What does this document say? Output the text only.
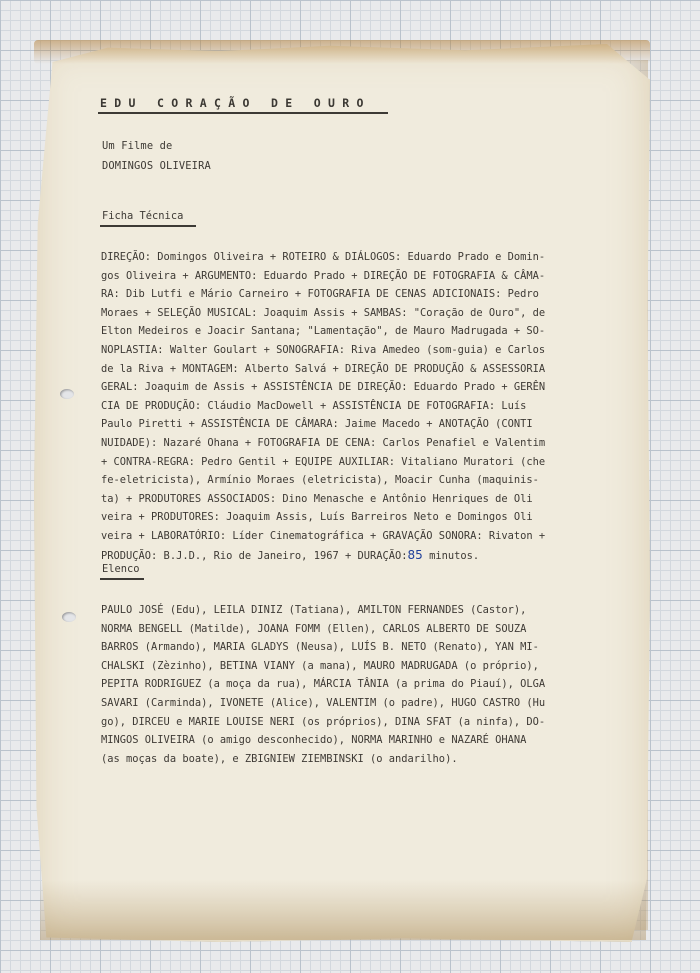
E D U   C O R A Ç Ã O   D E   O U R O
Um Filme de
DOMINGOS OLIVEIRA
Ficha Técnica
DIREÇÃO: Domingos Oliveira + ROTEIRO & DIÁLOGOS: Eduardo Prado e Domin-
gos Oliveira + ARGUMENTO: Eduardo Prado + DIREÇÃO DE FOTOGRAFIA & CÂMA-
RA: Dib Lutfi e Mário Carneiro + FOTOGRAFIA DE CENAS ADICIONAIS: Pedro
Moraes + SELEÇÃO MUSICAL: Joaquim Assis + SAMBAS: "Coração de Ouro", de
Elton Medeiros e Joacir Santana; "Lamentação", de Mauro Madrugada + SO-
NOPLASTIA: Walter Goulart + SONOGRAFIA: Riva Amedeo (som-guia) e Carlos
de la Riva + MONTAGEM: Alberto Salvá + DIREÇÃO DE PRODUÇÃO & ASSESSORIA
GERAL: Joaquim de Assis + ASSISTÊNCIA DE DIREÇÃO: Eduardo Prado + GERÊN
CIA DE PRODUÇÃO: Cláudio MacDowell + ASSISTÊNCIA DE FOTOGRAFIA: Luís
Paulo Piretti + ASSISTÊNCIA DE CÂMARA: Jaime Macedo + ANOTAÇÃO (CONTI
NUIDADE): Nazaré Ohana + FOTOGRAFIA DE CENA: Carlos Penafiel e Valentim
+ CONTRA-REGRA: Pedro Gentil + EQUIPE AUXILIAR: Vitaliano Muratori (che
fe-eletricista), Armínio Moraes (eletricista), Moacir Cunha (maquinis-
ta) + PRODUTORES ASSOCIADOS: Dino Menasche e Antônio Henriques de Oli
veira + PRODUTORES: Joaquim Assis, Luís Barreiros Neto e Domingos Oli
veira + LABORATÓRIO: Líder Cinematográfica + GRAVAÇÃO SONORA: Rivaton +
PRODUÇÃO: B.J.D., Rio de Janeiro, 1967 + DURAÇÃO:85 minutos.
Elenco
PAULO JOSÉ (Edu), LEILA DINIZ (Tatiana), AMILTON FERNANDES (Castor),
NORMA BENGELL (Matilde), JOANA FOMM (Ellen), CARLOS ALBERTO DE SOUZA
BARROS (Armando), MARIA GLADYS (Neusa), LUÍS B. NETO (Renato), YAN MI-
CHALSKI (Zèzinho), BETINA VIANY (a mana), MAURO MADRUGADA (o próprio),
PEPITA RODRIGUEZ (a moça da rua), MÁRCIA TÂNIA (a prima do Piauí), OLGA
SAVARI (Carminda), IVONETE (Alice), VALENTIM (o padre), HUGO CASTRO (Hu
go), DIRCEU e MARIE LOUISE NERI (os próprios), DINA SFAT (a ninfa), DO-
MINGOS OLIVEIRA (o amigo desconhecido), NORMA MARINHO e NAZARÉ OHANA
(as moças da boate), e ZBIGNIEW ZIEMBINSKI (o andarilho).
